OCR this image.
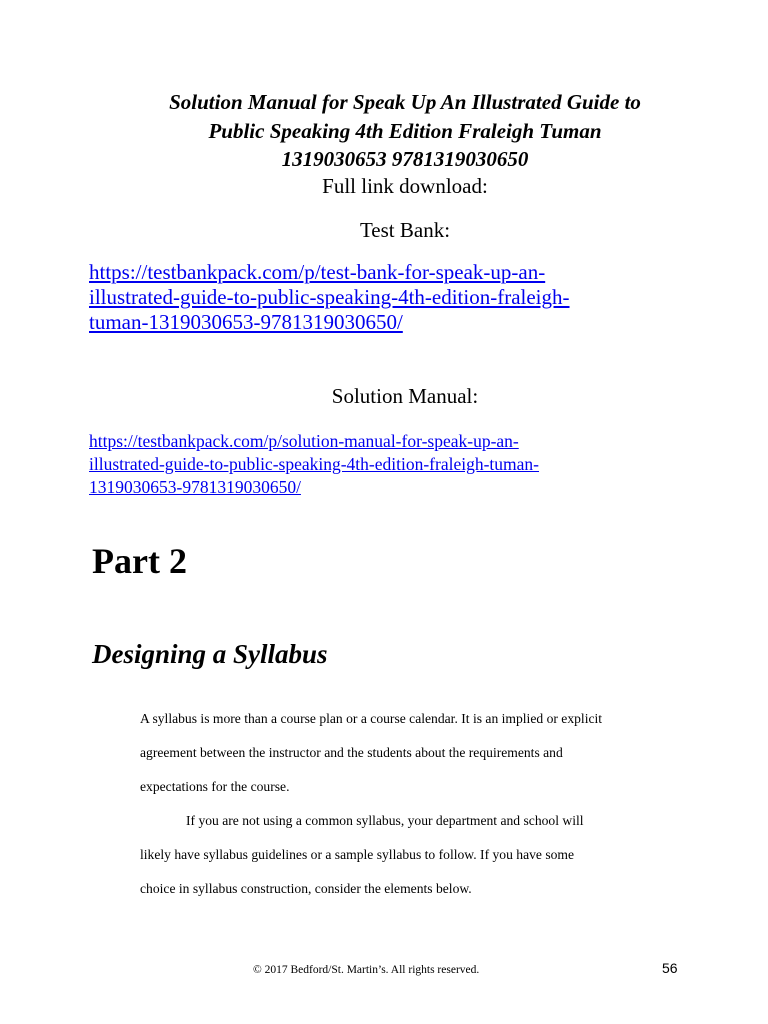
Solution Manual for Speak Up An Illustrated Guide to
Public Speaking 4th Edition Fraleigh Tuman
1319030653 9781319030650
Full link download:
Test Bank:
https://testbankpack.com/p/test-bank-for-speak-up-an-
illustrated-guide-to-public-speaking-4th-edition-fraleigh-
tuman-1319030653-9781319030650/
Solution Manual:
https://testbankpack.com/p/solution-manual-for-speak-up-an-
illustrated-guide-to-public-speaking-4th-edition-fraleigh-tuman-
1319030653-9781319030650/
Part 2
Designing a Syllabus
A syllabus is more than a course plan or a course calendar. It is an implied or explicit
agreement between the instructor and the students about the requirements and
expectations for the course.
If you are not using a common syllabus, your department and school will
likely have syllabus guidelines or a sample syllabus to follow. If you have some
choice in syllabus construction, consider the elements below.
© 2017 Bedford/St. Martin’s. All rights reserved.	56
